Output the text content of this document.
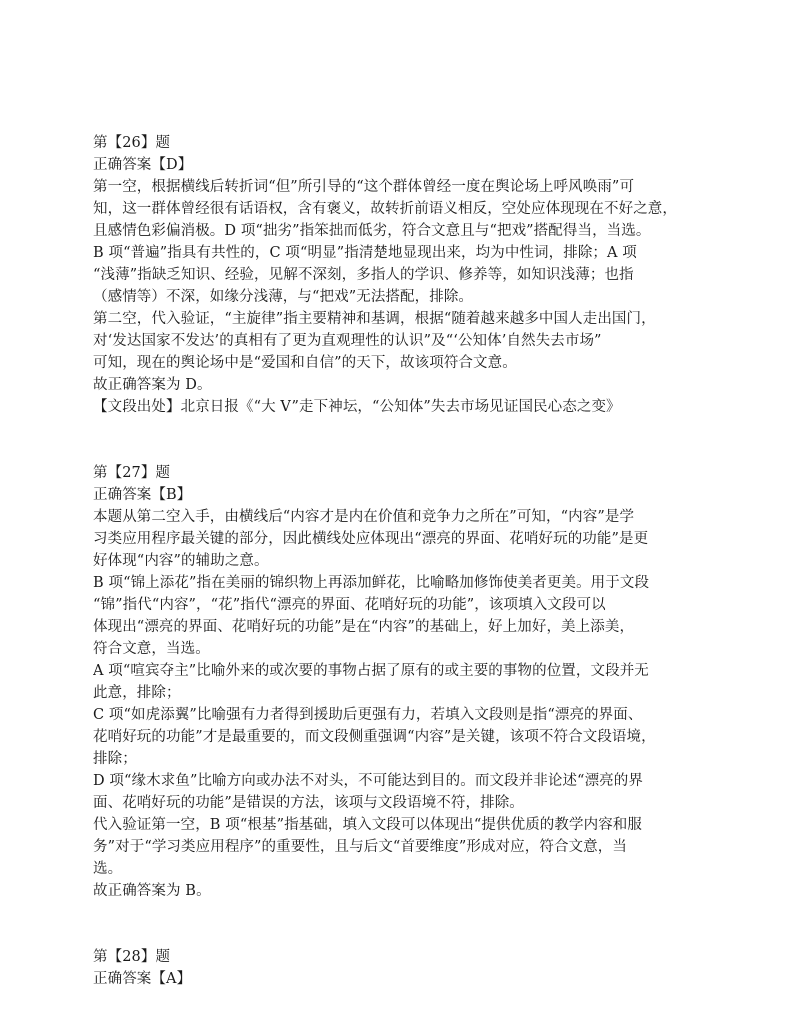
第【26】题
正确答案【D】
第一空，根据横线后转折词“但”所引导的“这个群体曾经一度在舆论场上呼风唤雨”可
知，这一群体曾经很有话语权，含有褒义，故转折前语义相反，空处应体现现在不好之意，
且感情色彩偏消极。D 项“拙劣”指笨拙而低劣，符合文意且与“把戏”搭配得当，当选。
B 项“普遍”指具有共性的，C 项“明显”指清楚地显现出来，均为中性词，排除；A 项
“浅薄”指缺乏知识、经验，见解不深刻，多指人的学识、修养等，如知识浅薄；也指
（感情等）不深，如缘分浅薄，与“把戏”无法搭配，排除。
第二空，代入验证，“主旋律”指主要精神和基调，根据“随着越来越多中国人走出国门，
对‘发达国家不发达’的真相有了更为直观理性的认识”及“‘公知体’自然失去市场”
可知，现在的舆论场中是“爱国和自信”的天下，故该项符合文意。
故正确答案为 D。
【文段出处】北京日报《“大 V”走下神坛，“公知体”失去市场见证国民心态之变》
第【27】题
正确答案【B】
本题从第二空入手，由横线后“内容才是内在价值和竞争力之所在”可知，“内容”是学
习类应用程序最关键的部分，因此横线处应体现出“漂亮的界面、花哨好玩的功能”是更
好体现“内容”的辅助之意。
B 项“锦上添花”指在美丽的锦织物上再添加鲜花，比喻略加修饰使美者更美。用于文段
“锦”指代“内容”，“花”指代“漂亮的界面、花哨好玩的功能”，该项填入文段可以
体现出“漂亮的界面、花哨好玩的功能”是在“内容”的基础上，好上加好，美上添美，
符合文意，当选。
A 项“喧宾夺主”比喻外来的或次要的事物占据了原有的或主要的事物的位置，文段并无
此意，排除；
C 项“如虎添翼”比喻强有力者得到援助后更强有力，若填入文段则是指“漂亮的界面、
花哨好玩的功能”才是最重要的，而文段侧重强调“内容”是关键，该项不符合文段语境，
排除；
D 项“缘木求鱼”比喻方向或办法不对头，不可能达到目的。而文段并非论述“漂亮的界
面、花哨好玩的功能”是错误的方法，该项与文段语境不符，排除。
代入验证第一空，B 项“根基”指基础，填入文段可以体现出“提供优质的教学内容和服
务”对于“学习类应用程序”的重要性，且与后文“首要维度”形成对应，符合文意，当
选。
故正确答案为 B。
第【28】题
正确答案【A】
